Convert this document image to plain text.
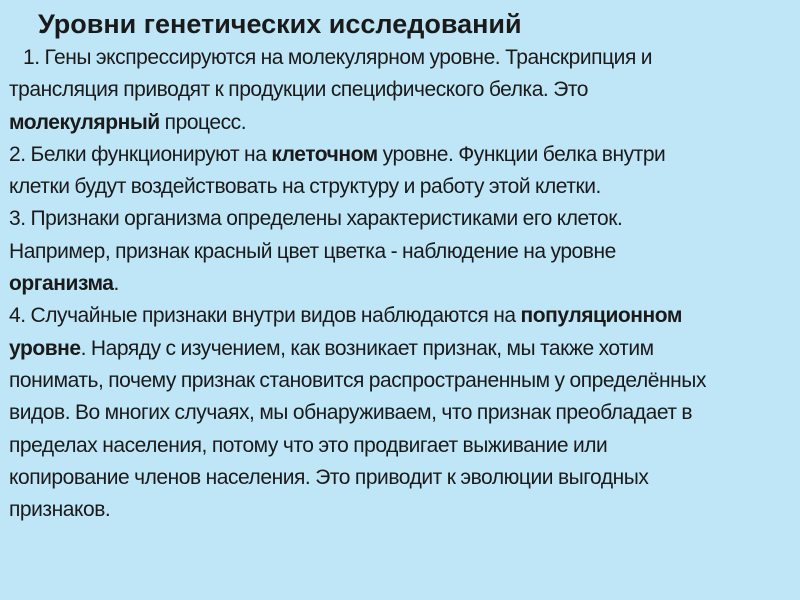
Уровни генетических исследований
1. Гены экспрессируются на молекулярном уровне. Транскрипция и
трансляция приводят к продукции специфического белка. Это
молекулярный процесс.
2. Белки функционируют на клеточном уровне. Функции белка внутри
клетки будут воздействовать на структуру и работу этой клетки.
3. Признаки организма определены характеристиками его клеток.
Например, признак красный цвет цветка - наблюдение на уровне
организма.
4. Случайные признаки внутри видов наблюдаются на популяционном
уровне. Наряду с изучением, как возникает признак, мы также хотим
понимать, почему признак становится распространенным у определённых
видов. Во многих случаях, мы обнаруживаем, что признак преобладает в
пределах населения, потому что это продвигает выживание или
копирование членов населения. Это приводит к эволюции выгодных
признаков.
